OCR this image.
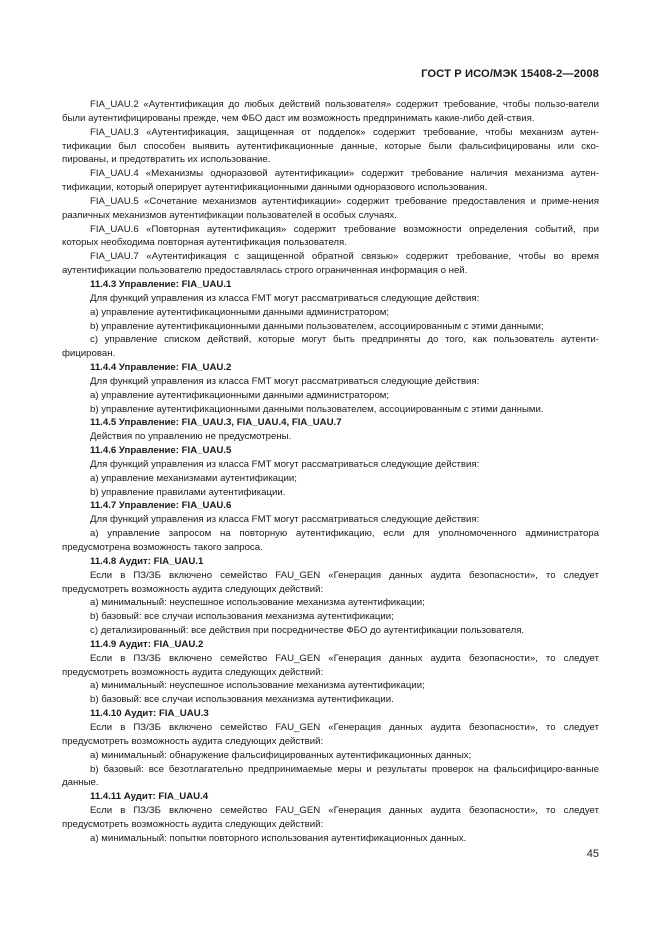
ГОСТ Р ИСО/МЭК 15408-2—2008

FIA_UAU.2 «Аутентификация до любых действий пользователя» содержит требование, чтобы пользо-ватели были аутентифицированы прежде, чем ФБО даст им возможность предпринимать какие-либо дей-ствия.

FIA_UAU.3 «Аутентификация, защищенная от подделок» содержит требование, чтобы механизм аутен-тификации был способен выявить аутентификационные данные, которые были фальсифицированы или ско-пированы, и предотвратить их использование.

FIA_UAU.4 «Механизмы одноразовой аутентификации» содержит требование наличия механизма аутен-тификации, который оперирует аутентификационными данными одноразового использования.

FIA_UAU.5 «Сочетание механизмов аутентификации» содержит требование предоставления и приме-нения различных механизмов аутентификации пользователей в особых случаях.

FIA_UAU.6 «Повторная аутентификация» содержит требование возможности определения событий, при которых необходима повторная аутентификация пользователя.

FIA_UAU.7 «Аутентификация с защищенной обратной связью» содержит требование, чтобы во время аутентификации пользователю предоставлялась строго ограниченная информация о ней.

11.4.3 Управление: FIA_UAU.1

Для функций управления из класса FMT могут рассматриваться следующие действия:

a) управление аутентификационными данными администратором;

b) управление аутентификационными данными пользователем, ассоциированным с этими данными;

c) управление списком действий, которые могут быть предприняты до того, как пользователь аутенти-фицирован.

11.4.4 Управление: FIA_UAU.2

Для функций управления из класса FMT могут рассматриваться следующие действия:

a) управление аутентификационными данными администратором;

b) управление аутентификационными данными пользователем, ассоциированным с этими данными.

11.4.5 Управление: FIA_UAU.3, FIA_UAU.4, FIA_UAU.7

Действия по управлению не предусмотрены.

11.4.6 Управление: FIA_UAU.5

Для функций управления из класса FMT могут рассматриваться следующие действия:

a) управление механизмами аутентификации;

b) управление правилами аутентификации.

11.4.7 Управление: FIA_UAU.6

Для функций управления из класса FMT могут рассматриваться следующие действия:

a) управление запросом на повторную аутентификацию, если для уполномоченного администратора предусмотрена возможность такого запроса.

11.4.8 Аудит: FIA_UAU.1

Если в ПЗ/ЗБ включено семейство FAU_GEN «Генерация данных аудита безопасности», то следует предусмотреть возможность аудита следующих действий:

a) минимальный: неуспешное использование механизма аутентификации;

b) базовый: все случаи использования механизма аутентификации;

c) детализированный: все действия при посредничестве ФБО до аутентификации пользователя.

11.4.9 Аудит: FIA_UAU.2

Если в ПЗ/ЗБ включено семейство FAU_GEN «Генерация данных аудита безопасности», то следует предусмотреть возможность аудита следующих действий:

a) минимальный: неуспешное использование механизма аутентификации;

b) базовый: все случаи использования механизма аутентификации.

11.4.10 Аудит: FIA_UAU.3

Если в ПЗ/ЗБ включено семейство FAU_GEN «Генерация данных аудита безопасности», то следует предусмотреть возможность аудита следующих действий:

a) минимальный: обнаружение фальсифицированных аутентификационных данных;

b) базовый: все безотлагательно предпринимаемые меры и результаты проверок на фальсифициро-ванные данные.

11.4.11 Аудит: FIA_UAU.4

Если в ПЗ/ЗБ включено семейство FAU_GEN «Генерация данных аудита безопасности», то следует предусмотреть возможность аудита следующих действий:

a) минимальный: попытки повторного использования аутентификационных данных.

45
